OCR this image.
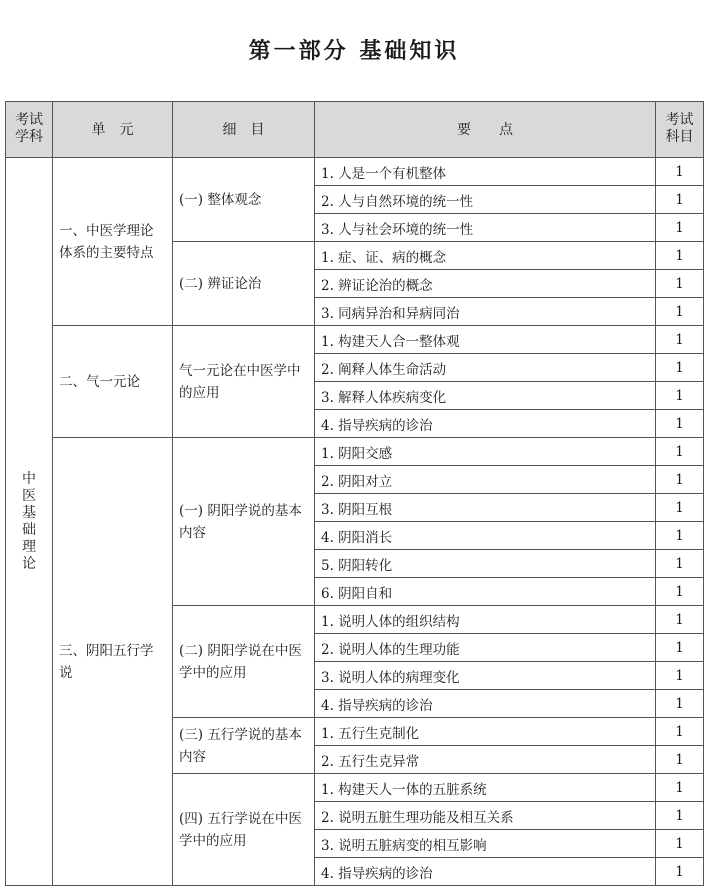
第一部分 基础知识
考试学科	单　元	细　目	要　　点	考试科目
中医基础理论	一、中医学理论体系的主要特点	(一) 整体观念	1. 人是一个有机整体	1
			2. 人与自然环境的统一性	1
			3. 人与社会环境的统一性	1
		(二) 辨证论治	1. 症、证、病的概念	1
			2. 辨证论治的概念	1
			3. 同病异治和异病同治	1
	二、气一元论	气一元论在中医学中的应用	1. 构建天人合一整体观	1
			2. 阐释人体生命活动	1
			3. 解释人体疾病变化	1
			4. 指导疾病的诊治	1
	三、阴阳五行学说	(一) 阴阳学说的基本内容	1. 阴阳交感	1
			2. 阴阳对立	1
			3. 阴阳互根	1
			4. 阴阳消长	1
			5. 阴阳转化	1
			6. 阴阳自和	1
		(二) 阴阳学说在中医学中的应用	1. 说明人体的组织结构	1
			2. 说明人体的生理功能	1
			3. 说明人体的病理变化	1
			4. 指导疾病的诊治	1
		(三) 五行学说的基本内容	1. 五行生克制化	1
			2. 五行生克异常	1
		(四) 五行学说在中医学中的应用	1. 构建天人一体的五脏系统	1
			2. 说明五脏生理功能及相互关系	1
			3. 说明五脏病变的相互影响	1
			4. 指导疾病的诊治	1
